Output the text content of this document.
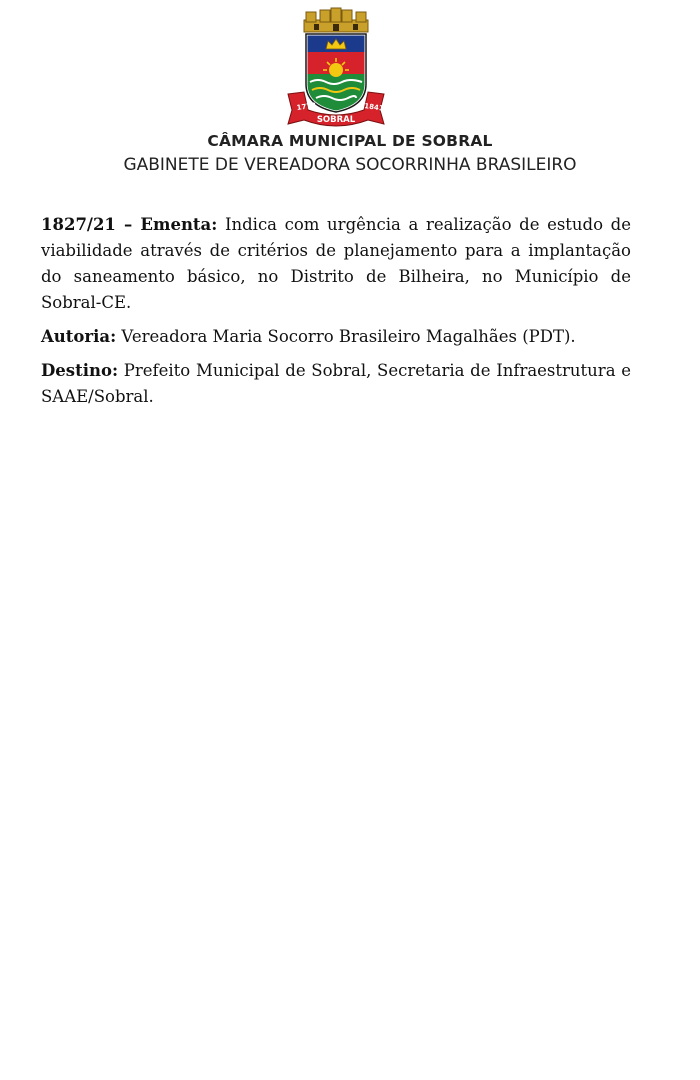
1773	1841
SOBRAL
CÂMARA MUNICIPAL DE SOBRAL
GABINETE DE VEREADORA SOCORRINHA BRASILEIRO

1827/21 – Ementa: Indica com urgência a realização de estudo de viabilidade através de critérios de planejamento para a implantação do saneamento básico, no Distrito de Bilheira, no Município de Sobral-CE.

Autoria: Vereadora Maria Socorro Brasileiro Magalhães (PDT).

Destino: Prefeito Municipal de Sobral, Secretaria de Infraestrutura e SAAE/Sobral.
